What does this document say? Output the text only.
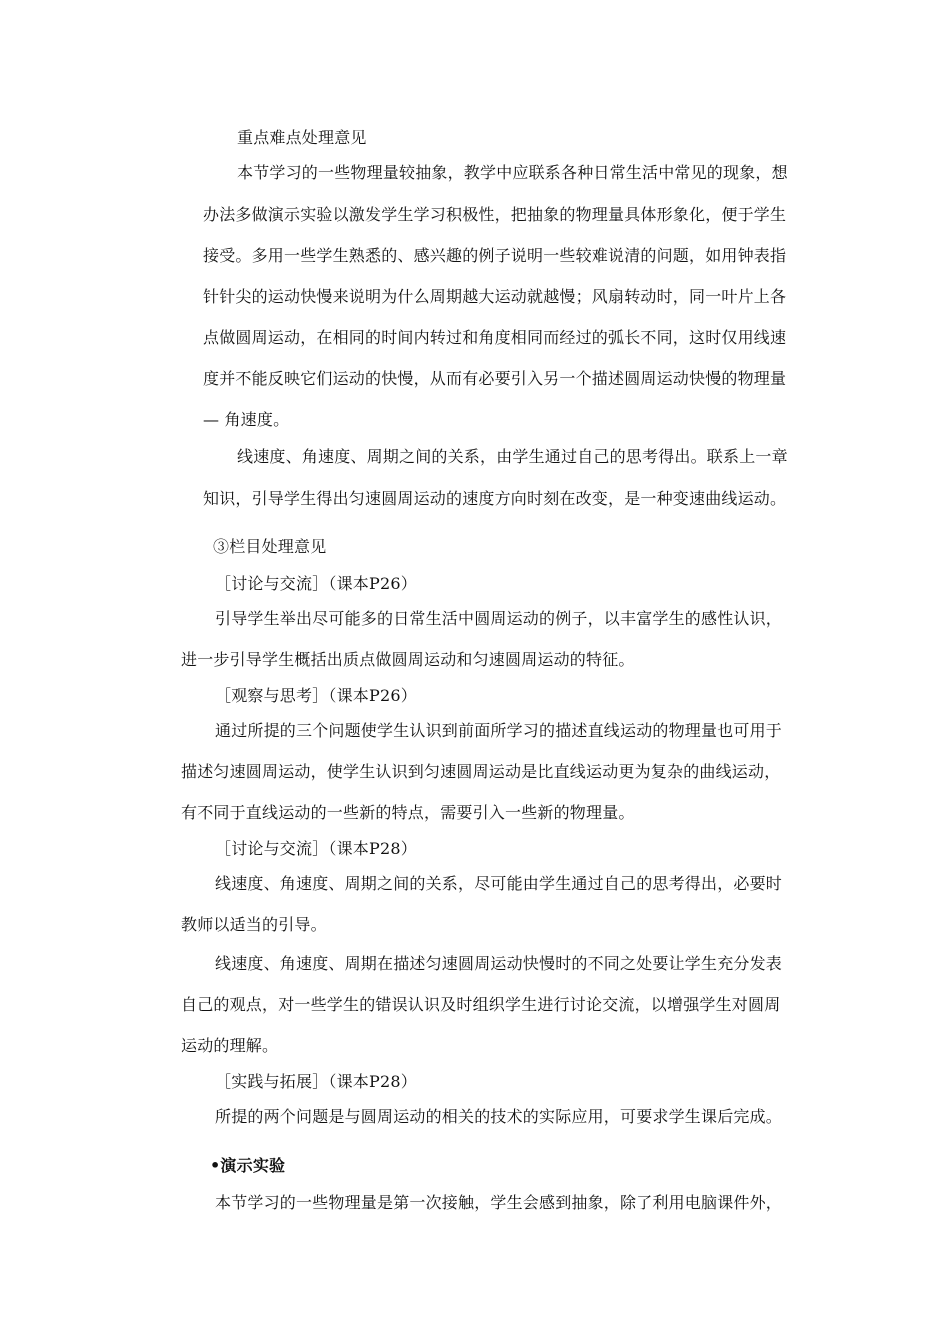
重点难点处理意见
本节学习的一些物理量较抽象，教学中应联系各种日常生活中常见的现象，想
办法多做演示实验以激发学生学习积极性，把抽象的物理量具体形象化，便于学生
接受。多用一些学生熟悉的、感兴趣的例子说明一些较难说清的问题，如用钟表指
针针尖的运动快慢来说明为什么周期越大运动就越慢；风扇转动时，同一叶片上各
点做圆周运动，在相同的时间内转过和角度相同而经过的弧长不同，这时仅用线速
度并不能反映它们运动的快慢，从而有必要引入另一个描述圆周运动快慢的物理量
— 角速度。
线速度、角速度、周期之间的关系，由学生通过自己的思考得出。联系上一章
知识，引导学生得出匀速圆周运动的速度方向时刻在改变，是一种变速曲线运动。
③栏目处理意见
［讨论与交流］（课本P26）
引导学生举出尽可能多的日常生活中圆周运动的例子，以丰富学生的感性认识，
进一步引导学生概括出质点做圆周运动和匀速圆周运动的特征。
［观察与思考］（课本P26）
通过所提的三个问题使学生认识到前面所学习的描述直线运动的物理量也可用于
描述匀速圆周运动，使学生认识到匀速圆周运动是比直线运动更为复杂的曲线运动，
有不同于直线运动的一些新的特点，需要引入一些新的物理量。
［讨论与交流］（课本P28）
线速度、角速度、周期之间的关系，尽可能由学生通过自己的思考得出，必要时
教师以适当的引导。
线速度、角速度、周期在描述匀速圆周运动快慢时的不同之处要让学生充分发表
自己的观点，对一些学生的错误认识及时组织学生进行讨论交流，以增强学生对圆周
运动的理解。
［实践与拓展］（课本P28）
所提的两个问题是与圆周运动的相关的技术的实际应用，可要求学生课后完成。
•演示实验
本节学习的一些物理量是第一次接触，学生会感到抽象，除了利用电脑课件外，
